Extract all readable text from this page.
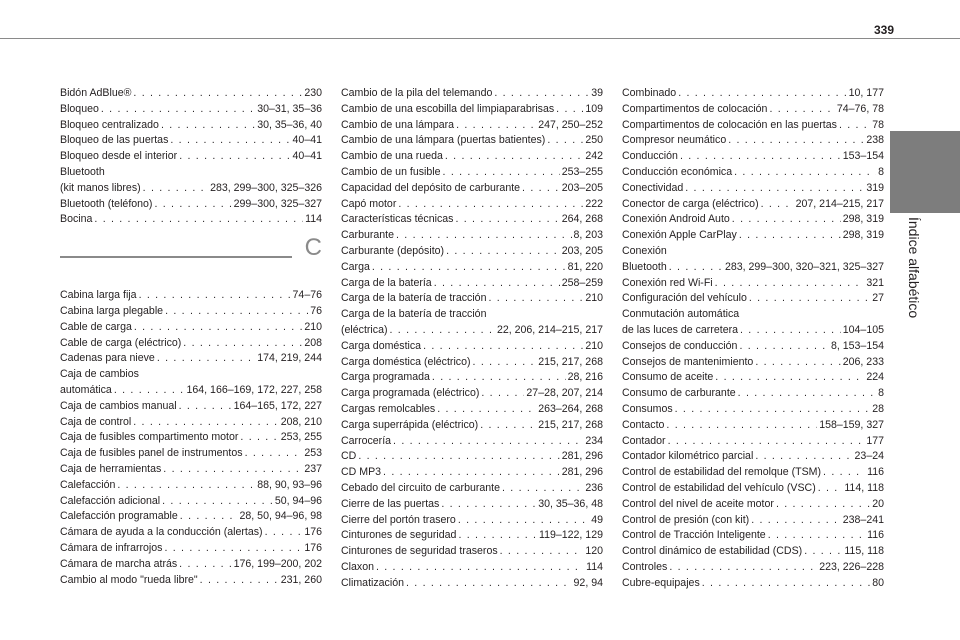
339
Índice alfabético
Bidón AdBlue® . . .	230
Bloqueo . . .	30–31, 35–36
Bloqueo centralizado . . .	30, 35–36, 40
Bloqueo de las puertas . . .	40–41
Bloqueo desde el interior . . .	40–41
Bluetooth
(kit manos libres) . . .	283, 299–300, 325–326
Bluetooth (teléfono) . . .	299–300, 325–327
Bocina . . .	114
C
Cabina larga fija . . .	74–76
Cabina larga plegable . . .	76
Cable de carga . . .	210
Cable de carga (eléctrico) . . .	208
Cadenas para nieve . . .	174, 219, 244
Caja de cambios
automática . . .	164, 166–169, 172, 227, 258
Caja de cambios manual . . .	164–165, 172, 227
Caja de control . . .	208, 210
Caja de fusibles compartimento motor . . .	253, 255
Caja de fusibles panel de instrumentos . . .	253
Caja de herramientas . . .	237
Calefacción . . .	88, 90, 93–96
Calefacción adicional . . .	50, 94–96
Calefacción programable . . .	28, 50, 94–96, 98
Cámara de ayuda a la conducción (alertas) . . .	176
Cámara de infrarrojos . . .	176
Cámara de marcha atrás . . .	176, 199–200, 202
Cambio al modo "rueda libre" . . .	231, 260
Cambio de la pila del telemando . . .	39
Cambio de una escobilla del limpiaparabrisas . . .	109
Cambio de una lámpara . . .	247, 250–252
Cambio de una lámpara (puertas batientes) . . .	250
Cambio de una rueda . . .	242
Cambio de un fusible . . .	253–255
Capacidad del depósito de carburante . . .	203–205
Capó motor . . .	222
Características técnicas . . .	264, 268
Carburante . . .	8, 203
Carburante (depósito) . . .	203, 205
Carga . . .	81, 220
Carga de la batería . . .	258–259
Carga de la batería de tracción . . .	210
Carga de la batería de tracción
(eléctrica) . . .	22, 206, 214–215, 217
Carga doméstica . . .	210
Carga doméstica (eléctrico) . . .	215, 217, 268
Carga programada . . .	28, 216
Carga programada (eléctrico) . . .	27–28, 207, 214
Cargas remolcables . . .	263–264, 268
Carga superrápida (eléctrico) . . .	215, 217, 268
Carrocería . . .	234
CD . . .	281, 296
CD MP3 . . .	281, 296
Cebado del circuito de carburante . . .	236
Cierre de las puertas . . .	30, 35–36, 48
Cierre del portón trasero . . .	49
Cinturones de seguridad . . .	119–122, 129
Cinturones de seguridad traseros . . .	120
Claxon . . .	114
Climatización . . .	92, 94
Combinado . . .	10, 177
Compartimentos de colocación . . .	74–76, 78
Compartimentos de colocación en las puertas . . .	78
Compresor neumático . . .	238
Conducción . . .	153–154
Conducción económica . . .	8
Conectividad . . .	319
Conector de carga (eléctrico) . . .	207, 214–215, 217
Conexión Android Auto . . .	298, 319
Conexión Apple CarPlay . . .	298, 319
Conexión
Bluetooth . . .	283, 299–300, 320–321, 325–327
Conexión red Wi-Fi . . .	321
Configuración del vehículo . . .	27
Conmutación automática
de las luces de carretera . . .	104–105
Consejos de conducción . . .	8, 153–154
Consejos de mantenimiento . . .	206, 233
Consumo de aceite . . .	224
Consumo de carburante . . .	8
Consumos . . .	28
Contacto . . .	158–159, 327
Contador . . .	177
Contador kilométrico parcial . . .	23–24
Control de estabilidad del remolque (TSM) . . .	116
Control de estabilidad del vehículo (VSC) . . .	114, 118
Control del nivel de aceite motor . . .	20
Control de presión (con kit) . . .	238–241
Control de Tracción Inteligente . . .	116
Control dinámico de estabilidad (CDS) . . .	115, 118
Controles . . .	223, 226–228
Cubre-equipajes . . .	80
